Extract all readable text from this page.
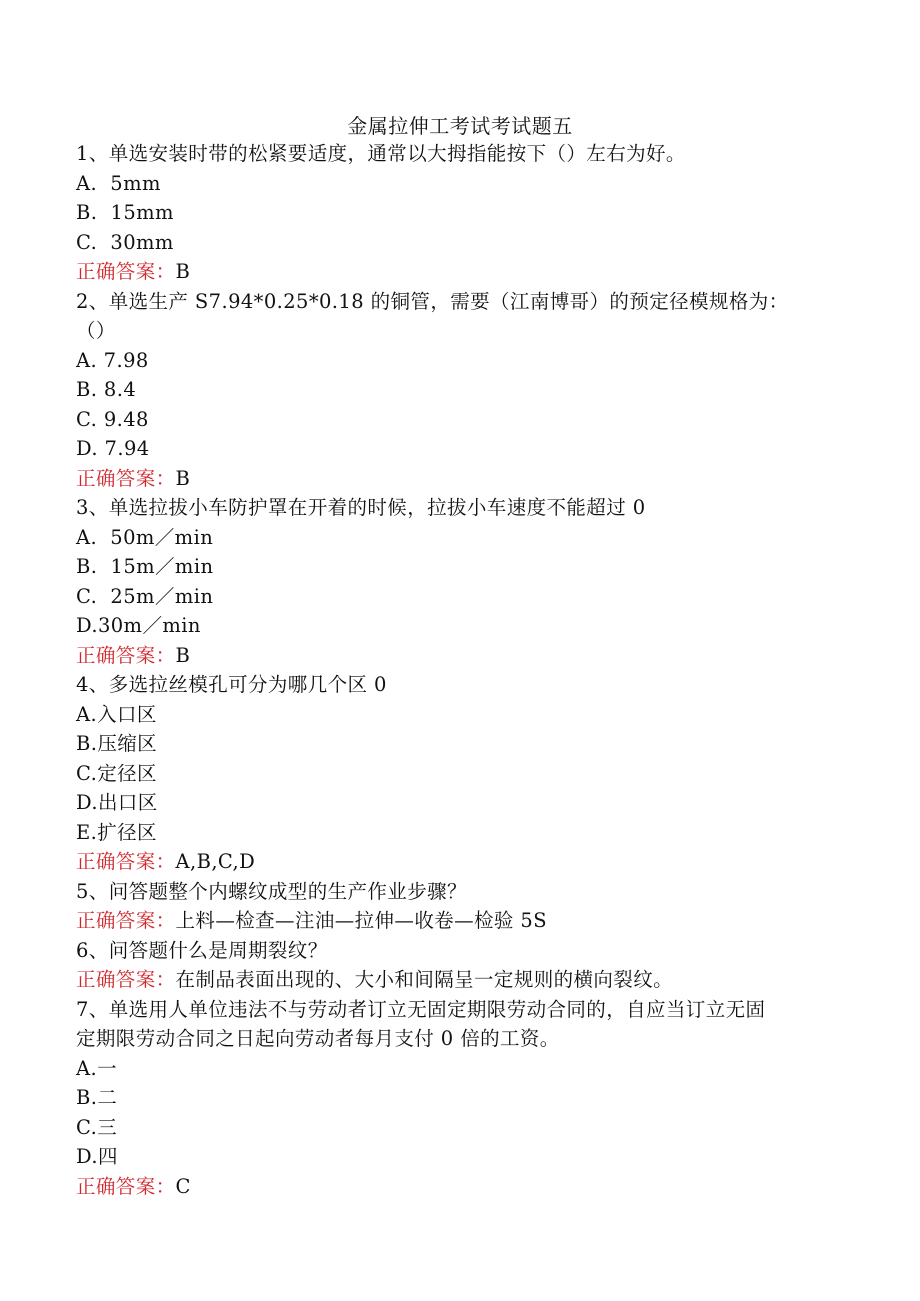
金属拉伸工考试考试题五

1、单选安装时带的松紧要适度，通常以大拇指能按下（）左右为好。

A.  5mm

B.  15mm

C.  30mm

正确答案：B

2、单选生产 S7.94*0.25*0.18 的铜管，需要（江南博哥）的预定径模规格为：

（）

A. 7.98

B. 8.4

C. 9.48

D. 7.94

正确答案：B

3、单选拉拔小车防护罩在开着的时候，拉拔小车速度不能超过 0

A.  50m／min

B.  15m／min

C.  25m／min

D.30m／min

正确答案：B

4、多选拉丝模孔可分为哪几个区 0

A.入口区

B.压缩区

C.定径区

D.出口区

E.扩径区

正确答案：A,B,C,D

5、问答题整个内螺纹成型的生产作业步骤？

正确答案：上料—检查—注油—拉伸—收卷—检验 5S

6、问答题什么是周期裂纹？

正确答案：在制品表面出现的、大小和间隔呈一定规则的横向裂纹。

7、单选用人单位违法不与劳动者订立无固定期限劳动合同的，自应当订立无固

定期限劳动合同之日起向劳动者每月支付 0 倍的工资。

A.一

B.二

C.三

D.四

正确答案：C
